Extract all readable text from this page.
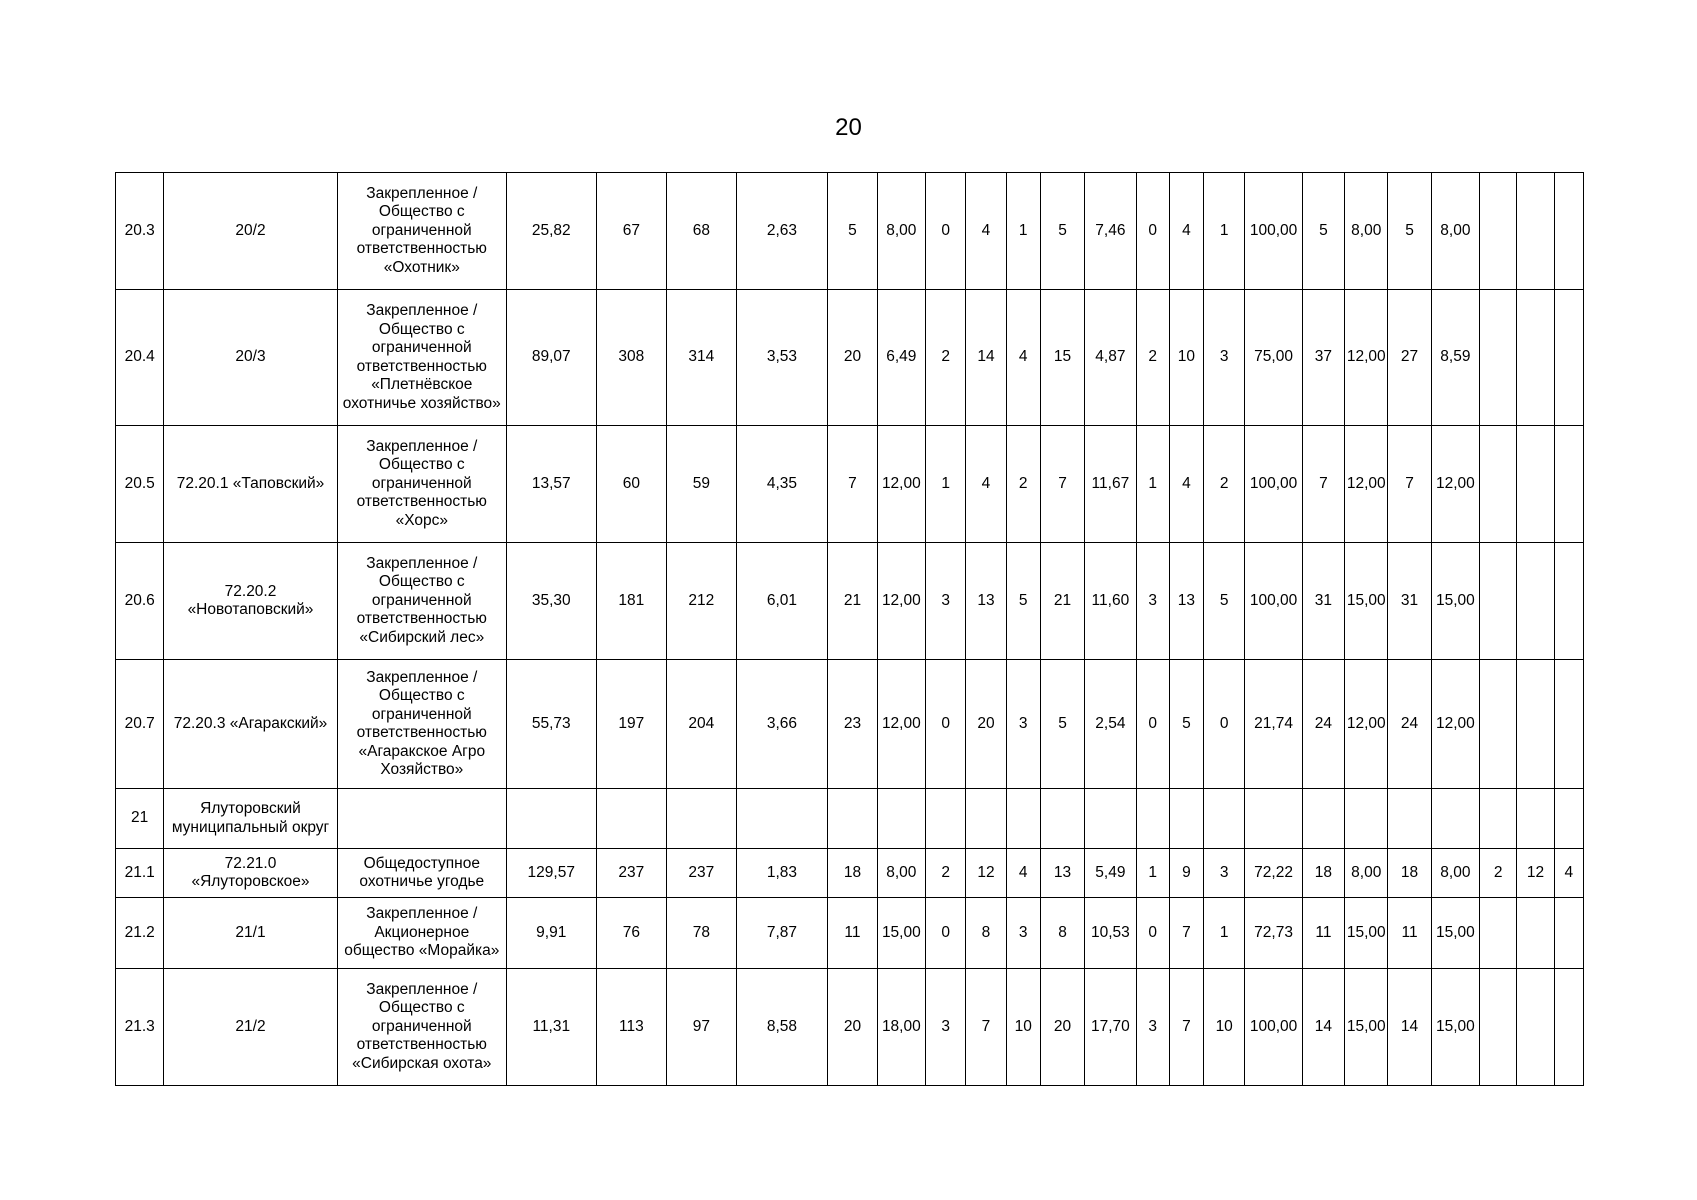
20
20.3	20/2	Закрепленное / Общество с ограниченной ответственностью «Охотник»	25,82	67	68	2,63	5	8,00	0	4	1	5	7,46	0	4	1	100,00	5	8,00	5	8,00			
20.4	20/3	Закрепленное /Общество с ограниченной ответственностью «Плетнёвское охотничье хозяйство»	89,07	308	314	3,53	20	6,49	2	14	4	15	4,87	2	10	3	75,00	37	12,00	27	8,59			
20.5	72.20.1 «Таповский»	Закрепленное / Общество с ограниченной ответственностью «Хорс»	13,57	60	59	4,35	7	12,00	1	4	2	7	11,67	1	4	2	100,00	7	12,00	7	12,00			
20.6	72.20.2 «Новотаповский»	Закрепленное / Общество с ограниченной ответственностью «Сибирский лес»	35,30	181	212	6,01	21	12,00	3	13	5	21	11,60	3	13	5	100,00	31	15,00	31	15,00			
20.7	72.20.3 «Агаракский»	Закрепленное / Общество с ограниченной ответственностью «Агаракское Агро Хозяйство»	55,73	197	204	3,66	23	12,00	0	20	3	5	2,54	0	5	0	21,74	24	12,00	24	12,00			
21	Ялуторовский муниципальный округ																							
21.1	72.21.0 «Ялуторовское»	Общедоступное охотничье угодье	129,57	237	237	1,83	18	8,00	2	12	4	13	5,49	1	9	3	72,22	18	8,00	18	8,00	2	12	4
21.2	21/1	Закрепленное / Акционерное общество «Морайка»	9,91	76	78	7,87	11	15,00	0	8	3	8	10,53	0	7	1	72,73	11	15,00	11	15,00			
21.3	21/2	Закрепленное / Общество с ограниченной ответственностью «Сибирская охота»	11,31	113	97	8,58	20	18,00	3	7	10	20	17,70	3	7	10	100,00	14	15,00	14	15,00			
